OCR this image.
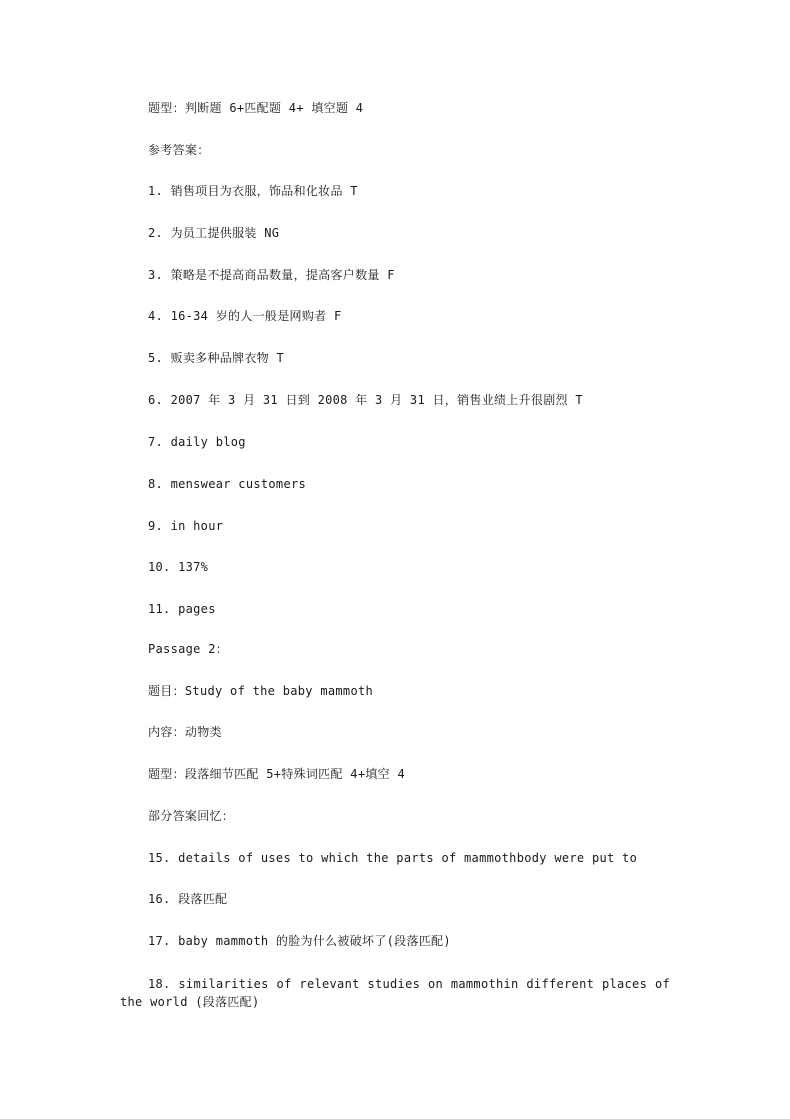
题型：判断题 6+匹配题 4+ 填空题 4

参考答案：

1. 销售项目为衣服，饰品和化妆品 T

2. 为员工提供服装 NG

3. 策略是不提高商品数量，提高客户数量 F

4. 16-34 岁的人一般是网购者 F

5. 贩卖多种品牌衣物 T

6. 2007 年 3 月 31 日到 2008 年 3 月 31 日，销售业绩上升很剧烈 T

7. daily blog

8. menswear customers

9. in hour

10. 137%

11. pages

Passage 2：

题目：Study of the baby mammoth

内容：动物类

题型：段落细节匹配 5+特殊词匹配 4+填空 4

部分答案回忆：

15. details of uses to which the parts of mammothbody were put to

16. 段落匹配

17. baby mammoth 的脸为什么被破坏了(段落匹配)

18. similarities of relevant studies on mammothin different places of the world (段落匹配)
